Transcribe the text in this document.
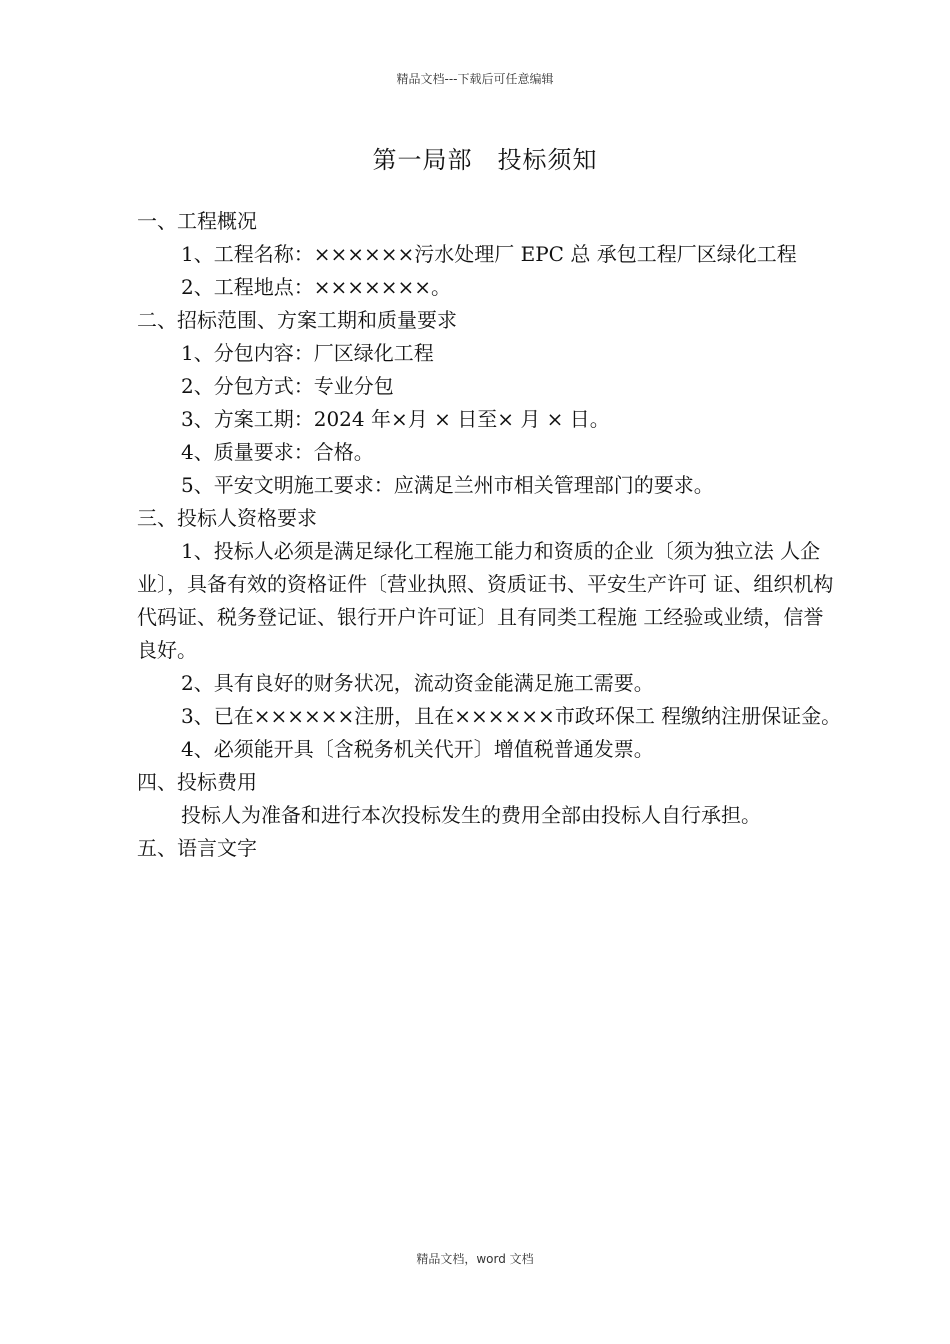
精品文档---下载后可任意编辑
第一局部　投标须知

一、工程概况

1、工程名称：××××××污水处理厂 EPC 总 承包工程厂区绿化工程

2、工程地点：×××××××。

二、招标范围、方案工期和质量要求

1、分包内容：厂区绿化工程

2、分包方式：专业分包

3、方案工期：2024 年×月 × 日至× 月 × 日。

4、质量要求：合格。

5、平安文明施工要求：应满足兰州市相关管理部门的要求。

三、投标人资格要求

1、投标人必须是满足绿化工程施工能力和资质的企业〔须为独立法 人企业〕，具备有效的资格证件〔营业执照、资质证书、平安生产许可 证、组织机构代码证、税务登记证、银行开户许可证〕且有同类工程施 工经验或业绩，信誉良好。

2、具有良好的财务状况，流动资金能满足施工需要。

3、已在××××××注册，且在××××××市政环保工 程缴纳注册保证金。

4、必须能开具〔含税务机关代开〕增值税普通发票。

四、投标费用

投标人为准备和进行本次投标发生的费用全部由投标人自行承担。

五、语言文字

精品文档，word 文档
